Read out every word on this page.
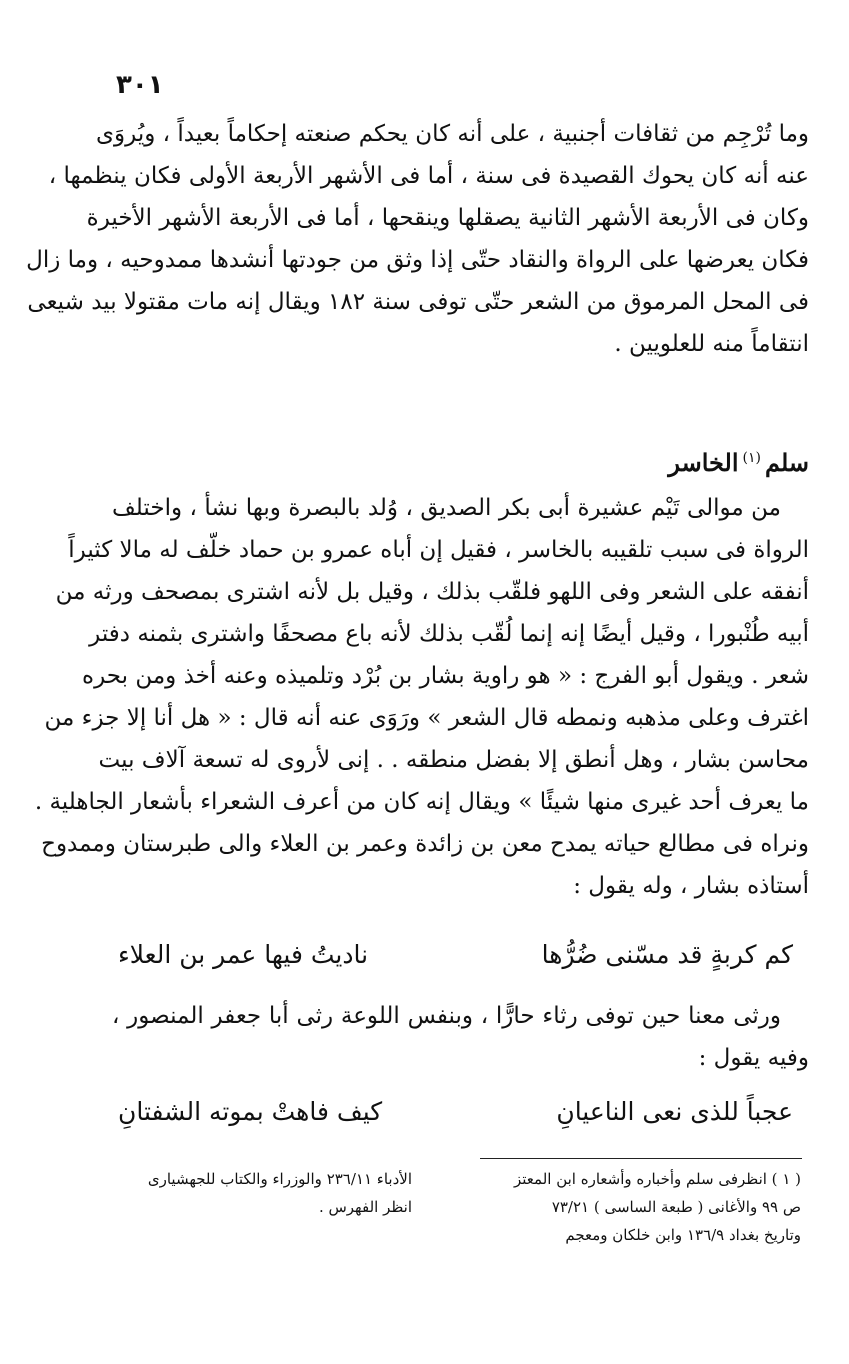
٣٠١
وما تُرْجِم من ثقافات أجنبية ، على أنه كان يحكم صنعته إحكاماً بعيداً ، ويُروَى
عنه أنه كان يحوك القصيدة فى سنة ، أما فى الأشهر الأربعة الأولى فكان ينظمها ،
وكان فى الأربعة الأشهر الثانية يصقلها وينقحها ، أما فى الأربعة الأشهر الأخيرة
فكان يعرضها على الرواة والنقاد حتّى إذا وثق من جودتها أنشدها ممدوحيه ، وما زال
فى المحل المرموق من الشعر حتّى توفى سنة ١٨٢ ويقال إنه مات مقتولا بيد شيعى
انتقاماً منه للعلويين .
سلم$^{(١)}$الخاسر
من موالى تَيْم عشيرة أبى بكر الصديق ، وُلد بالبصرة وبها نشأ ، واختلف
الرواة فى سبب تلقيبه بالخاسر ، فقيل إن أباه عمرو بن حماد خلّف له مالا كثيراً
أنفقه على الشعر وفى اللهو فلقّب بذلك ، وقيل بل لأنه اشترى بمصحف ورثه من
أبيه طُنْبورا ، وقيل أيضًا إنه إنما لُقّب بذلك لأنه باع مصحفًا واشترى بثمنه دفتر
شعر . ويقول أبو الفرج : « هو راوية بشار بن بُرْد وتلميذه وعنه أخذ ومن بحره
اغترف وعلى مذهبه ونمطه قال الشعر » ورَوَى عنه أنه قال : « هل أنا إلا جزء من
محاسن بشار ، وهل أنطق إلا بفضل منطقه . . إنى لأروى له تسعة آلاف بيت
ما يعرف أحد غيرى منها شيئًا » ويقال إنه كان من أعرف الشعراء بأشعار الجاهلية .
ونراه فى مطالع حياته يمدح معن بن زائدة وعمر بن العلاء والى طبرستان وممدوح
أستاذه بشار ، وله يقول :
كم كربةٍ قد مسّنى ضُرُّها
ناديتُ فيها عمر بن العلاء
ورثى معنا حين توفى رثاء حارًّا ، وبنفس اللوعة رثى أبا جعفر المنصور ،
وفيه يقول :
عجباً للذى نعى الناعيانِ
كيف فاهتْ بموته الشفتانِ
( ١ ) انظرفى سلم وأخباره وأشعاره ابن المعتز
ص ٩٩ والأغانى ( طبعة الساسى ) ٧٣/٢١
وتاريخ بغداد ١٣٦/٩ وابن خلكان ومعجم
الأدباء ٢٣٦/١١ والوزراء والكتاب للجهشيارى
انظر الفهرس .
